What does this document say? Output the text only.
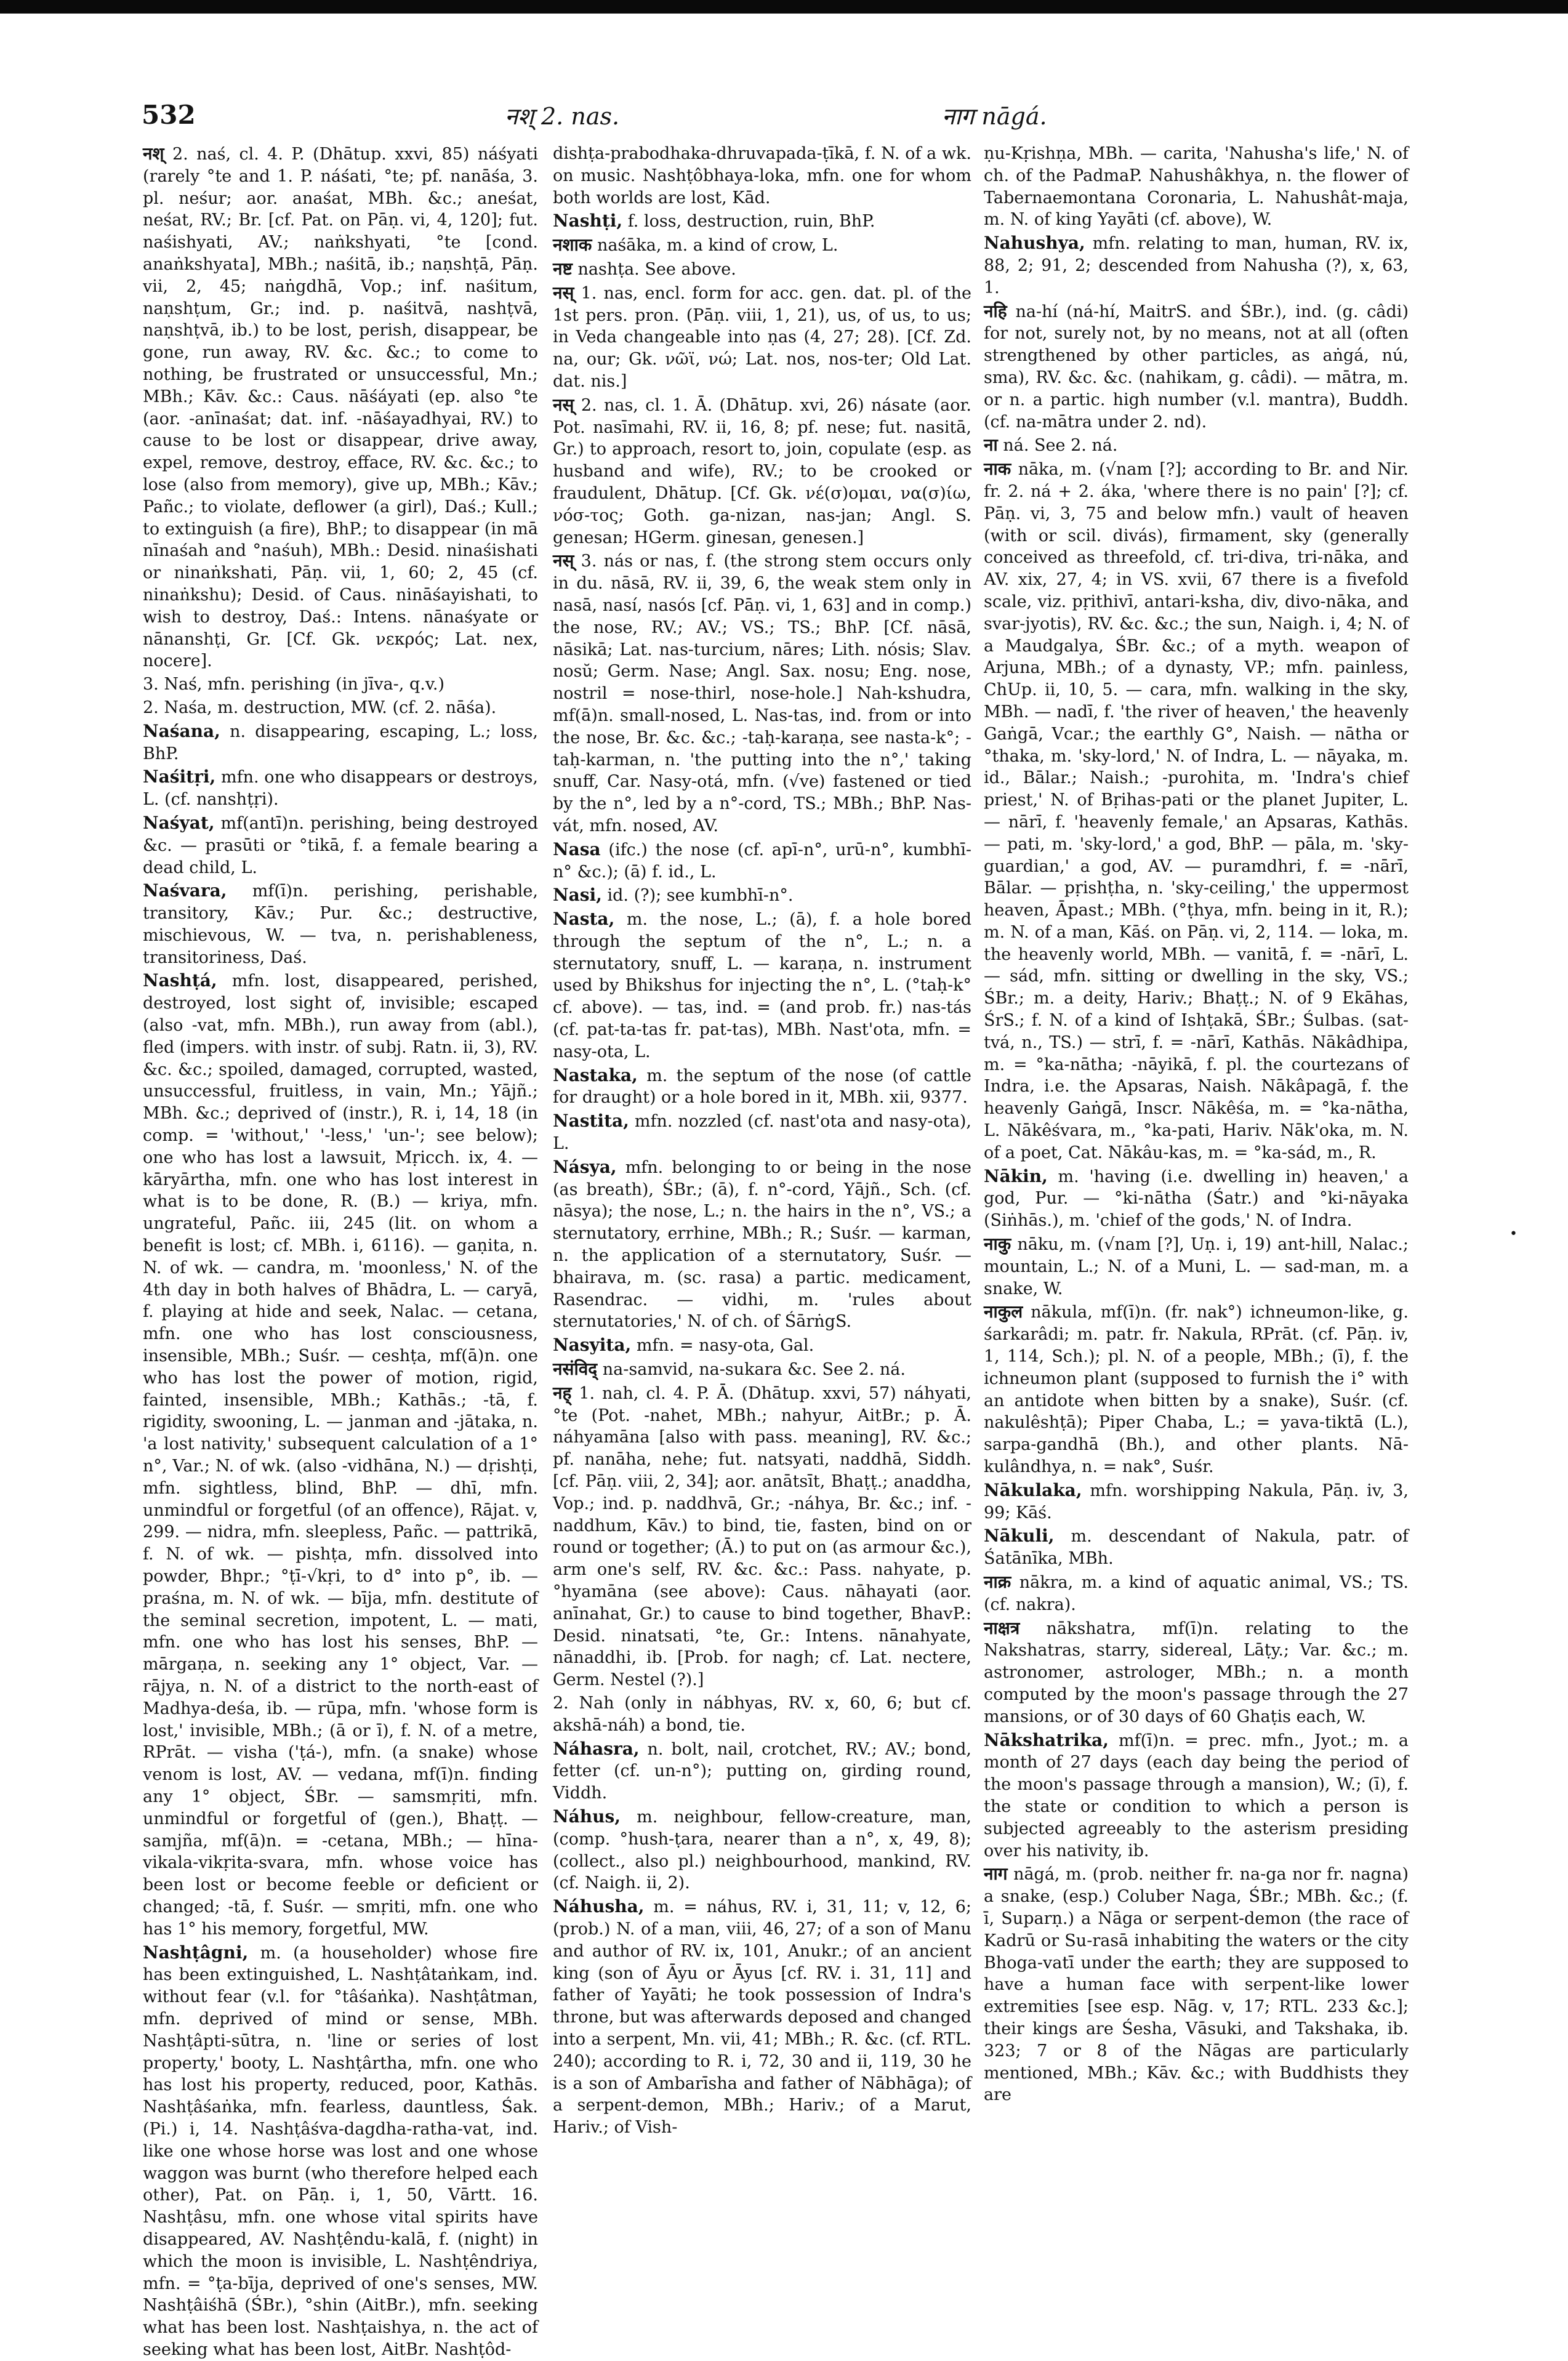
532	नश् 2. nas.	नाग nāgá.

नश् 2. naś, cl. 4. P. (Dhātup. xxvi, 85) náśyati (rarely °te and 1. P. náśati, °te; pf. nanāśa, 3. pl. neśur; aor. anaśat, MBh. &c.; aneśat, neśat, RV.; Br. [cf. Pat. on Pāṇ. vi, 4, 120]; fut. naśishyati, AV.; naṅkshyati, °te [cond. anaṅkshyata], MBh.; naśitā, ib.; naṇshṭā, Pāṇ. vii, 2, 45; naṅgdhā, Vop.; inf. naśitum, naṇshṭum, Gr.; ind. p. naśitvā, nashṭvā, naṇshṭvā, ib.) to be lost, perish, disappear, be gone, run away, RV. &c. &c.; to come to nothing, be frustrated or unsuccessful, Mn.; MBh.; Kāv. &c.: Caus. nāśáyati (ep. also °te (aor. -anīnaśat; dat. inf. -nāśayadhyai, RV.) to cause to be lost or disappear, drive away, expel, remove, destroy, efface, RV. &c. &c.; to lose (also from memory), give up, MBh.; Kāv.; Pañc.; to violate, deflower (a girl), Daś.; Kull.; to extinguish (a fire), BhP.; to disappear (in mā nīnaśah and °naśuh), MBh.: Desid. ninaśishati or ninaṅkshati, Pāṇ. vii, 1, 60; 2, 45 (cf. ninaṅkshu); Desid. of Caus. nināśayishati, to wish to destroy, Daś.: Intens. nānaśyate or nānanshṭi, Gr. [Cf. Gk. νεκρός; Lat. nex, nocere].

3. Naś, mfn. perishing (in jīva-, q.v.)

2. Naśa, m. destruction, MW. (cf. 2. nāśa).

Naśana, n. disappearing, escaping, L.; loss, BhP.

Naśitṛi, mfn. one who disappears or destroys, L. (cf. nanshṭṛi).

Naśyat, mf(antī)n. perishing, being destroyed &c. — prasūti or °tikā, f. a female bearing a dead child, L.

Naśvara, mf(ī)n. perishing, perishable, transitory, Kāv.; Pur. &c.; destructive, mischievous, W. — tva, n. perishableness, transitoriness, Daś.

Nashṭá, mfn. lost, disappeared, perished, destroyed, lost sight of, invisible; escaped (also -vat, mfn. MBh.), run away from (abl.), fled (impers. with instr. of subj. Ratn. ii, 3), RV. &c. &c.; spoiled, damaged, corrupted, wasted, unsuccessful, fruitless, in vain, Mn.; Yājñ.; MBh. &c.; deprived of (instr.), R. i, 14, 18 (in comp. = 'without,' '-less,' 'un-'; see below); one who has lost a lawsuit, Mṛicch. ix, 4. — kāryārtha, mfn. one who has lost interest in what is to be done, R. (B.) — kriya, mfn. ungrateful, Pañc. iii, 245 (lit. on whom a benefit is lost; cf. MBh. i, 6116). — gaṇita, n. N. of wk. — candra, m. 'moonless,' N. of the 4th day in both halves of Bhādra, L. — caryā, f. playing at hide and seek, Nalac. — cetana, mfn. one who has lost consciousness, insensible, MBh.; Suśr. — ceshṭa, mf(ā)n. one who has lost the power of motion, rigid, fainted, insensible, MBh.; Kathās.; -tā, f. rigidity, swooning, L. — janman and -jātaka, n. 'a lost nativity,' subsequent calculation of a 1° n°, Var.; N. of wk. (also -vidhāna, N.) — dṛishṭi, mfn. sightless, blind, BhP. — dhī, mfn. unmindful or forgetful (of an offence), Rājat. v, 299. — nidra, mfn. sleepless, Pañc. — pattrikā, f. N. of wk. — pishṭa, mfn. dissolved into powder, Bhpr.; °ṭī-√kṛi, to d° into p°, ib. — praśna, m. N. of wk. — bīja, mfn. destitute of the seminal secretion, impotent, L. — mati, mfn. one who has lost his senses, BhP. — mārgaṇa, n. seeking any 1° object, Var. — rājya, n. N. of a district to the north-east of Madhya-deśa, ib. — rūpa, mfn. 'whose form is lost,' invisible, MBh.; (ā or ī), f. N. of a metre, RPrāt. — visha ('ṭá-), mfn. (a snake) whose venom is lost, AV. — vedana, mf(ī)n. finding any 1° object, ŚBr. — samsmṛiti, mfn. unmindful or forgetful of (gen.), Bhaṭṭ. — samjña, mf(ā)n. = -cetana, MBh.; — hīna-vikala-vikṛita-svara, mfn. whose voice has been lost or become feeble or deficient or changed; -tā, f. Suśr. — smṛiti, mfn. one who has 1° his memory, forgetful, MW.

Nashṭâgni, m. (a householder) whose fire has been extinguished, L. Nashṭâtaṅkam, ind. without fear (v.l. for °tâśaṅka). Nashṭâtman, mfn. deprived of mind or sense, MBh. Nashṭâpti-sūtra, n. 'line or series of lost property,' booty, L. Nashṭârtha, mfn. one who has lost his property, reduced, poor, Kathās. Nashṭâśaṅka, mfn. fearless, dauntless, Śak. (Pi.) i, 14. Nashṭâśva-dagdha-ratha-vat, ind. like one whose horse was lost and one whose waggon was burnt (who therefore helped each other), Pat. on Pāṇ. i, 1, 50, Vārtt. 16. Nashṭâsu, mfn. one whose vital spirits have disappeared, AV. Nashṭêndu-kalā, f. (night) in which the moon is invisible, L. Nashṭêndriya, mfn. = °ṭa-bīja, deprived of one's senses, MW. Nashṭâiśhā (ŚBr.), °shin (AitBr.), mfn. seeking what has been lost. Nashṭaishya, n. the act of seeking what has been lost, AitBr. Nashṭôd-

dishṭa-prabodhaka-dhruvapada-ṭīkā, f. N. of a wk. on music. Nashṭôbhaya-loka, mfn. one for whom both worlds are lost, Kād.

Nashṭi, f. loss, destruction, ruin, BhP.

नशाक naśāka, m. a kind of crow, L.

नष्ट nashṭa. See above.

नस् 1. nas, encl. form for acc. gen. dat. pl. of the 1st pers. pron. (Pāṇ. viii, 1, 21), us, of us, to us; in Veda changeable into ṇas (4, 27; 28). [Cf. Zd. na, our; Gk. νῶϊ, νώ; Lat. nos, nos-ter; Old Lat. dat. nis.]

नस् 2. nas, cl. 1. Ā. (Dhātup. xvi, 26) násate (aor. Pot. nasīmahi, RV. ii, 16, 8; pf. nese; fut. nasitā, Gr.) to approach, resort to, join, copulate (esp. as husband and wife), RV.; to be crooked or fraudulent, Dhātup. [Cf. Gk. νέ(σ)ομαι, να(σ)ίω, νόσ-τος; Goth. ga-nizan, nas-jan; Angl. S. genesan; HGerm. ginesan, genesen.]

नस् 3. nás or nas, f. (the strong stem occurs only in du. nāsā, RV. ii, 39, 6, the weak stem only in nasā, nasí, nasós [cf. Pāṇ. vi, 1, 63] and in comp.) the nose, RV.; AV.; VS.; TS.; BhP. [Cf. nāsā, nāsikā; Lat. nas-turcium, nāres; Lith. nósis; Slav. nosŭ; Germ. Nase; Angl. Sax. nosu; Eng. nose, nostril = nose-thirl, nose-hole.] Nah-kshudra, mf(ā)n. small-nosed, L. Nas-tas, ind. from or into the nose, Br. &c. &c.; -taḥ-karaṇa, see nasta-k°; -taḥ-karman, n. 'the putting into the n°,' taking snuff, Car. Nasy-otá, mfn. (√ve) fastened or tied by the n°, led by a n°-cord, TS.; MBh.; BhP. Nas-vát, mfn. nosed, AV.

Nasa (ifc.) the nose (cf. apī-n°, urū-n°, kumbhī-n° &c.); (ā) f. id., L.

Nasi, id. (?); see kumbhī-n°.

Nasta, m. the nose, L.; (ā), f. a hole bored through the septum of the n°, L.; n. a sternutatory, snuff, L. — karaṇa, n. instrument used by Bhikshus for injecting the n°, L. (°taḥ-k° cf. above). — tas, ind. = (and prob. fr.) nas-tás (cf. pat-ta-tas fr. pat-tas), MBh. Nast'ota, mfn. = nasy-ota, L.

Nastaka, m. the septum of the nose (of cattle for draught) or a hole bored in it, MBh. xii, 9377.

Nastita, mfn. nozzled (cf. nast'ota and nasy-ota), L.

Násya, mfn. belonging to or being in the nose (as breath), ŚBr.; (ā), f. n°-cord, Yājñ., Sch. (cf. nāsya); the nose, L.; n. the hairs in the n°, VS.; a sternutatory, errhine, MBh.; R.; Suśr. — karman, n. the application of a sternutatory, Suśr. — bhairava, m. (sc. rasa) a partic. medicament, Rasendrac. — vidhi, m. 'rules about sternutatories,' N. of ch. of ŚārṅgS.

Nasyita, mfn. = nasy-ota, Gal.

नसंविद् na-samvid, na-sukara &c. See 2. ná.

नह् 1. nah, cl. 4. P. Ā. (Dhātup. xxvi, 57) náhyati, °te (Pot. -nahet, MBh.; nahyur, AitBr.; p. Ā. náhyamāna [also with pass. meaning], RV. &c.; pf. nanāha, nehe; fut. natsyati, naddhā, Siddh. [cf. Pāṇ. viii, 2, 34]; aor. anātsīt, Bhaṭṭ.; anaddha, Vop.; ind. p. naddhvā, Gr.; -náhya, Br. &c.; inf. -naddhum, Kāv.) to bind, tie, fasten, bind on or round or together; (Ā.) to put on (as armour &c.), arm one's self, RV. &c. &c.: Pass. nahyate, p. °hyamāna (see above): Caus. nāhayati (aor. anīnahat, Gr.) to cause to bind together, BhavP.: Desid. ninatsati, °te, Gr.: Intens. nānahyate, nānaddhi, ib. [Prob. for nagh; cf. Lat. nectere, Germ. Nestel (?).]

2. Nah (only in nábhyas, RV. x, 60, 6; but cf. akshā-náh) a bond, tie.

Náhasra, n. bolt, nail, crotchet, RV.; AV.; bond, fetter (cf. un-n°); putting on, girding round, Viddh.

Náhus, m. neighbour, fellow-creature, man, (comp. °hush-ṭara, nearer than a n°, x, 49, 8); (collect., also pl.) neighbourhood, mankind, RV. (cf. Naigh. ii, 2).

Náhusha, m. = náhus, RV. i, 31, 11; v, 12, 6; (prob.) N. of a man, viii, 46, 27; of a son of Manu and author of RV. ix, 101, Anukr.; of an ancient king (son of Āyu or Āyus [cf. RV. i. 31, 11] and father of Yayāti; he took possession of Indra's throne, but was afterwards deposed and changed into a serpent, Mn. vii, 41; MBh.; R. &c. (cf. RTL. 240); according to R. i, 72, 30 and ii, 119, 30 he is a son of Ambarīsha and father of Nābhāga); of a serpent-demon, MBh.; Hariv.; of a Marut, Hariv.; of Vish-

ṇu-Kṛishṇa, MBh. — carita, 'Nahusha's life,' N. of ch. of the PadmaP. Nahushâkhya, n. the flower of Tabernaemontana Coronaria, L. Nahushât-maja, m. N. of king Yayāti (cf. above), W.

Nahushya, mfn. relating to man, human, RV. ix, 88, 2; 91, 2; descended from Nahusha (?), x, 63, 1.

नहि na-hí (ná-hí, MaitrS. and ŚBr.), ind. (g. câdi) for not, surely not, by no means, not at all (often strengthened by other particles, as aṅgá, nú, sma), RV. &c. &c. (nahikam, g. câdi). — mātra, m. or n. a partic. high number (v.l. mantra), Buddh. (cf. na-mātra under 2. nd).

ना ná. See 2. ná.

नाक nāka, m. (√nam [?]; according to Br. and Nir. fr. 2. ná + 2. áka, 'where there is no pain' [?]; cf. Pāṇ. vi, 3, 75 and below mfn.) vault of heaven (with or scil. divás), firmament, sky (generally conceived as threefold, cf. tri-diva, tri-nāka, and AV. xix, 27, 4; in VS. xvii, 67 there is a fivefold scale, viz. pṛithivī, antari-ksha, div, divo-nāka, and svar-jyotis), RV. &c. &c.; the sun, Naigh. i, 4; N. of a Maudgalya, ŚBr. &c.; of a myth. weapon of Arjuna, MBh.; of a dynasty, VP.; mfn. painless, ChUp. ii, 10, 5. — cara, mfn. walking in the sky, MBh. — nadī, f. 'the river of heaven,' the heavenly Gaṅgā, Vcar.; the earthly G°, Naish. — nātha or °thaka, m. 'sky-lord,' N. of Indra, L. — nāyaka, m. id., Bālar.; Naish.; -purohita, m. 'Indra's chief priest,' N. of Bṛihas-pati or the planet Jupiter, L. — nārī, f. 'heavenly female,' an Apsaras, Kathās. — pati, m. 'sky-lord,' a god, BhP. — pāla, m. 'sky-guardian,' a god, AV. — puramdhri, f. = -nārī, Bālar. — pṛishṭha, n. 'sky-ceiling,' the uppermost heaven, Āpast.; MBh. (°ṭhya, mfn. being in it, R.); m. N. of a man, Kāś. on Pāṇ. vi, 2, 114. — loka, m. the heavenly world, MBh. — vanitā, f. = -nārī, L. — sád, mfn. sitting or dwelling in the sky, VS.; ŚBr.; m. a deity, Hariv.; Bhaṭṭ.; N. of 9 Ekāhas, ŚrS.; f. N. of a kind of Ishṭakā, ŚBr.; Śulbas. (sat-tvá, n., TS.) — strī, f. = -nārī, Kathās. Nākâdhipa, m. = °ka-nātha; -nāyikā, f. pl. the courtezans of Indra, i.e. the Apsaras, Naish. Nākâpagā, f. the heavenly Gaṅgā, Inscr. Nākêśa, m. = °ka-nātha, L. Nākêśvara, m., °ka-pati, Hariv. Nāk'oka, m. N. of a poet, Cat. Nākâu-kas, m. = °ka-sád, m., R.

Nākin, m. 'having (i.e. dwelling in) heaven,' a god, Pur. — °ki-nātha (Śatr.) and °ki-nāyaka (Siṅhās.), m. 'chief of the gods,' N. of Indra.

नाकु nāku, m. (√nam [?], Uṇ. i, 19) ant-hill, Nalac.; mountain, L.; N. of a Muni, L. — sad-man, m. a snake, W.

नाकुल nākula, mf(ī)n. (fr. nak°) ichneumon-like, g. śarkarâdi; m. patr. fr. Nakula, RPrāt. (cf. Pāṇ. iv, 1, 114, Sch.); pl. N. of a people, MBh.; (ī), f. the ichneumon plant (supposed to furnish the i° with an antidote when bitten by a snake), Suśr. (cf. nakulêshṭā); Piper Chaba, L.; = yava-tiktā (L.), sarpa-gandhā (Bh.), and other plants. Nā-kulândhya, n. = nak°, Suśr.

Nākulaka, mfn. worshipping Nakula, Pāṇ. iv, 3, 99; Kāś.

Nākuli, m. descendant of Nakula, patr. of Śatānīka, MBh.

नाक्र nākra, m. a kind of aquatic animal, VS.; TS. (cf. nakra).

नाक्षत्र nākshatra, mf(ī)n. relating to the Nakshatras, starry, sidereal, Lāṭy.; Var. &c.; m. astronomer, astrologer, MBh.; n. a month computed by the moon's passage through the 27 mansions, or of 30 days of 60 Ghaṭis each, W.

Nākshatrika, mf(ī)n. = prec. mfn., Jyot.; m. a month of 27 days (each day being the period of the moon's passage through a mansion), W.; (ī), f. the state or condition to which a person is subjected agreeably to the asterism presiding over his nativity, ib.

नाग nāgá, m. (prob. neither fr. na-ga nor fr. nagna) a snake, (esp.) Coluber Naga, ŚBr.; MBh. &c.; (f. ī, Suparṇ.) a Nāga or serpent-demon (the race of Kadrū or Su-rasā inhabiting the waters or the city Bhoga-vatī under the earth; they are supposed to have a human face with serpent-like lower extremities [see esp. Nāg. v, 17; RTL. 233 &c.]; their kings are Śesha, Vāsuki, and Takshaka, ib. 323; 7 or 8 of the Nāgas are particularly mentioned, MBh.; Kāv. &c.; with Buddhists they are

•
